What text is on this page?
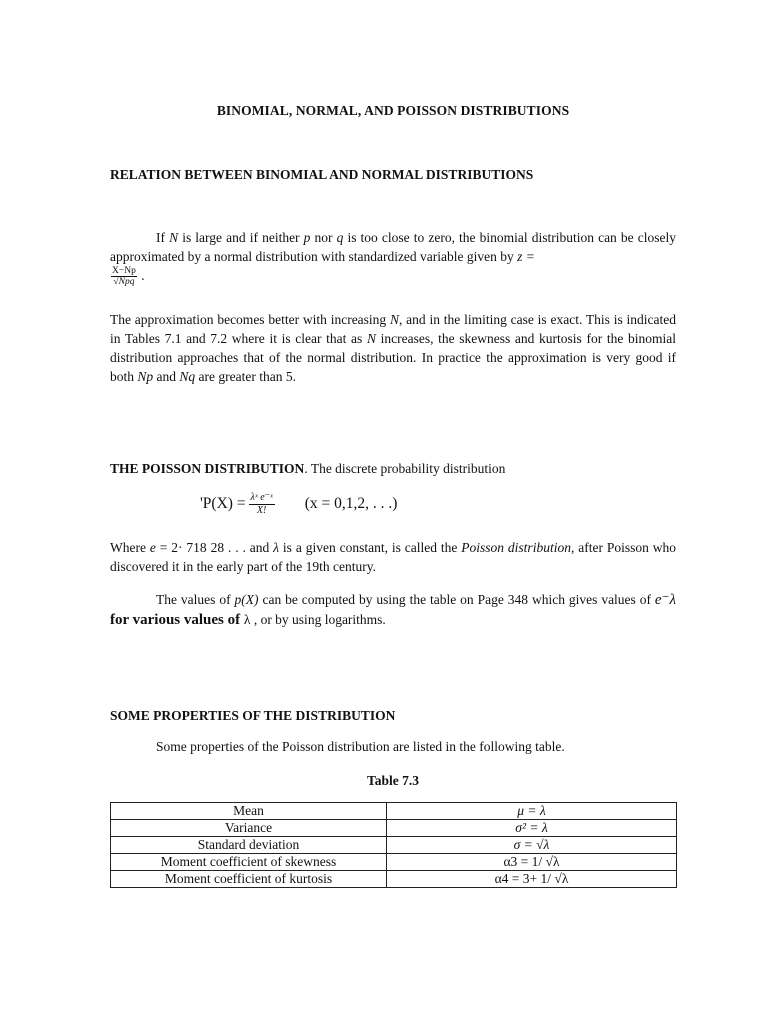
BINOMIAL, NORMAL, AND POISSON DISTRIBUTIONS
RELATION BETWEEN BINOMIAL AND NORMAL DISTRIBUTIONS
If N is large and if neither p nor q is too close to zero, the binomial distribution can be closely approximated by a normal distribution with standardized variable given by z =

$\frac{X-Np}{\text{√Npq}}$ .
The approximation becomes better with increasing N, and in the limiting case is exact. This is indicated in Tables 7.1 and 7.2 where it is clear that as N increases, the skewness and kurtosis for the binomial distribution approaches that of the normal distribution. In practice the approximation is very good if both Np and Nq are greater than 5.
THE POISSON DISTRIBUTION. The discrete probability distribution
'$P(X) = \frac{\text{λˣ e⁻ˣ}}{X!} (x = 0,1,2$, . . .)
Where e = 2· 718 28 . . . and λ is a given constant, is called the Poisson distribution, after Poisson who discovered it in the early part of the 19th century.
The values of p(X) can be computed by using the table on Page 348 which gives values of e⁻λ for various values of λ , or by using logarithms.
SOME PROPERTIES OF THE DISTRIBUTION
Some properties of the Poisson distribution are listed in the following table.
Table 7.3
Mean	μ = λ
Variance	σ² = λ
Standard deviation	σ = √λ
Moment coefficient of skewness	α3 = 1/ √λ
Moment coefficient of kurtosis	α4 = 3+ 1/ √λ
